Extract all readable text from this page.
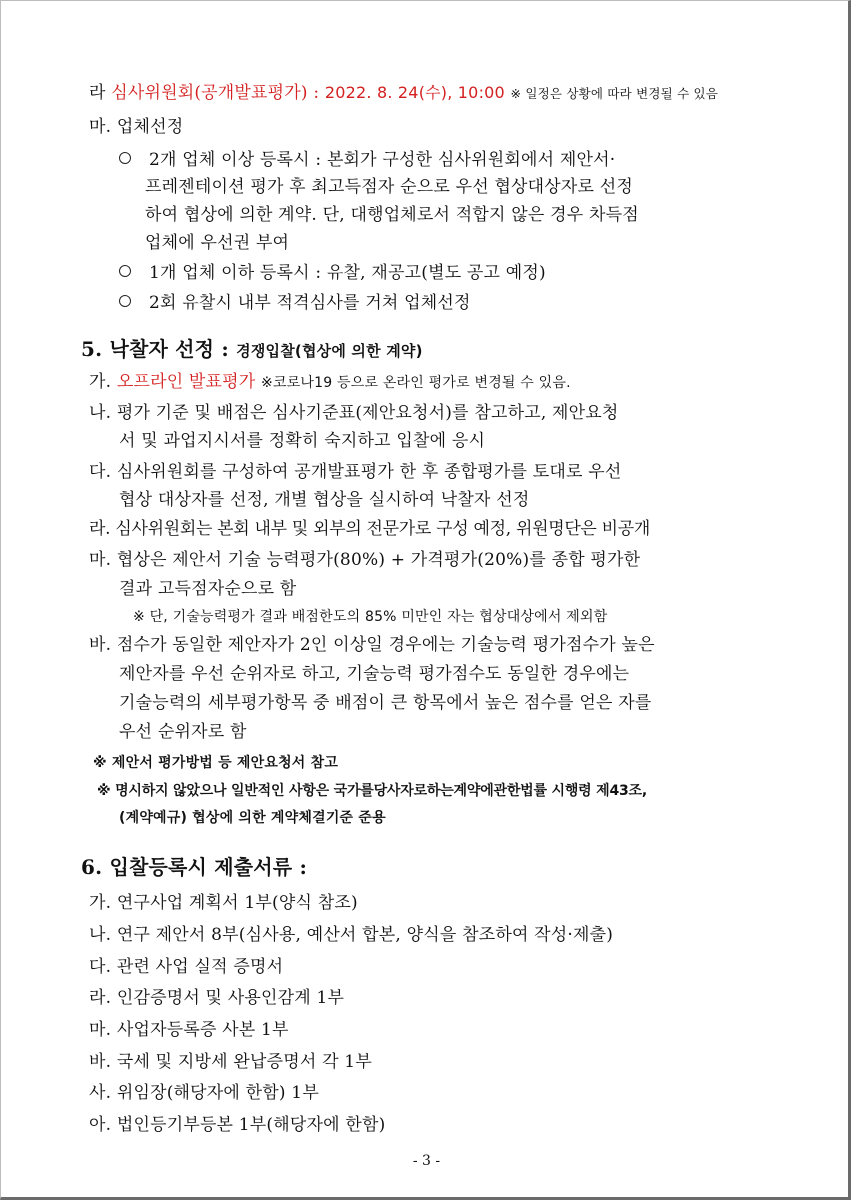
라 심사위원회(공개발표평가) : 2022. 8. 24(수), 10:00 ※ 일정은 상황에 따라 변경될 수 있음
마. 업체선정
2개 업체 이상 등록시 : 본회가 구성한 심사위원회에서 제안서·
프레젠테이션 평가 후 최고득점자 순으로 우선 협상대상자로 선정
하여 협상에 의한 계약. 단, 대행업체로서 적합지 않은 경우 차득점
업체에 우선권 부여
1개 업체 이하 등록시 : 유찰, 재공고(별도 공고 예정)
2회 유찰시 내부 적격심사를 거쳐 업체선정
5. 낙찰자 선정 : 경쟁입찰(협상에 의한 계약)
가. 오프라인 발표평가 ※코로나19 등으로 온라인 평가로 변경될 수 있음.
나. 평가 기준 및 배점은 심사기준표(제안요청서)를 참고하고, 제안요청
서 및 과업지시서를 정확히 숙지하고 입찰에 응시
다. 심사위원회를 구성하여 공개발표평가 한 후 종합평가를 토대로 우선
협상 대상자를 선정, 개별 협상을 실시하여 낙찰자 선정
라. 심사위원회는 본회 내부 및 외부의 전문가로 구성 예정, 위원명단은 비공개
마. 협상은 제안서 기술 능력평가(80%) + 가격평가(20%)를 종합 평가한
결과 고득점자순으로 함
※ 단, 기술능력평가 결과 배점한도의 85% 미만인 자는 협상대상에서 제외함
바. 점수가 동일한 제안자가 2인 이상일 경우에는 기술능력 평가점수가 높은
제안자를 우선 순위자로 하고, 기술능력 평가점수도 동일한 경우에는
기술능력의 세부평가항목 중 배점이 큰 항목에서 높은 점수를 얻은 자를
우선 순위자로 함
※ 제안서 평가방법 등 제안요청서 참고
※ 명시하지 않았으나 일반적인 사항은 국가를당사자로하는계약에관한법률 시행령 제43조,
(계약예규) 협상에 의한 계약체결기준 준용
6. 입찰등록시 제출서류 :
가. 연구사업 계획서 1부(양식 참조)
나. 연구 제안서 8부(심사용, 예산서 합본, 양식을 참조하여 작성·제출)
다. 관련 사업 실적 증명서
라. 인감증명서 및 사용인감계 1부
마. 사업자등록증 사본 1부
바. 국세 및 지방세 완납증명서 각 1부
사. 위임장(해당자에 한함) 1부
아. 법인등기부등본 1부(해당자에 한함)
- 3 -
